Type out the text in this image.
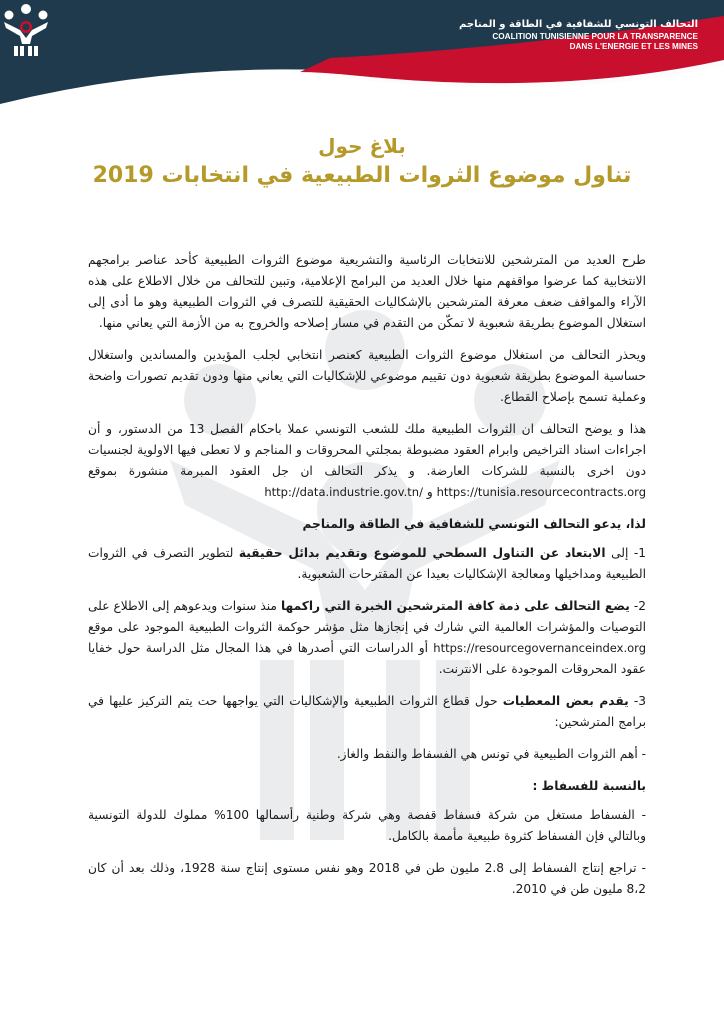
التحالف التونسي للشفافية في الطاقة و المناجم
COALITION TUNISIENNE POUR LA TRANSPARENCE
DANS L'ENERGIE ET LES MINES
بلاغ حول
تناول موضوع الثروات الطبيعية في انتخابات 2019

طرح العديد من المترشحين للانتخابات الرئاسية والتشريعية موضوع الثروات الطبيعية كأحد عناصر برامجهم الانتخابية كما عرضوا مواقفهم منها خلال العديد من البرامج الإعلامية، وتبين للتحالف من خلال الاطلاع على هذه الآراء والمواقف ضعف معرفة المترشحين بالإشكاليات الحقيقية للتصرف في الثروات الطبيعية وهو ما أدى إلى استغلال الموضوع بطريقة شعبوية لا تمكّن من التقدم في مسار إصلاحه والخروج به من الأزمة التي يعاني منها.

ويحذر التحالف من استغلال موضوع الثروات الطبيعية كعنصر انتخابي لجلب المؤيدين والمساندين واستغلال حساسية الموضوع بطريقة شعبوية دون تقييم موضوعي للإشكاليات التي يعاني منها ودون تقديم تصورات واضحة وعملية تسمح بإصلاح القطاع.

هذا و يوضح التحالف ان الثروات الطبيعية ملك للشعب التونسي عملا باحكام الفصل 13 من الدستور، و أن اجراءات اسناد التراخيص وابرام العقود مضبوطة بمجلتي المحروقات و المناجم و لا تعطى فيها الاولوية لجنسيات دون اخرى بالنسبة للشركات العارضة. و يذكر التحالف ان جل العقود المبرمة منشورة بموقع https://tunisia.resourcecontracts.org و http://data.industrie.gov.tn/

لذا، يدعو التحالف التونسي للشفافية في الطاقة والمناجم

1- إلى الابتعاد عن التناول السطحي للموضوع وتقديم بدائل حقيقية لتطوير التصرف في الثروات الطبيعية ومداخيلها ومعالجة الإشكاليات بعيدا عن المقترحات الشعبوية.

2- يضع التحالف على ذمة كافة المترشحين الخبرة التي راكمها منذ سنوات ويدعوهم إلى الاطلاع على التوصيات والمؤشرات العالمية التي شارك في إنجازها مثل مؤشر حوكمة الثروات الطبيعية الموجود على موقع https://resourcegovernanceindex.org أو الدراسات التي أصدرها في هذا المجال مثل الدراسة حول خفايا عقود المحروقات الموجودة على الانترنت.

3- يقدم بعض المعطيات حول قطاع الثروات الطبيعية والإشكاليات التي يواجهها حت يتم التركيز عليها في برامج المترشحين:

- أهم الثروات الطبيعية في تونس هي الفسفاط والنفط والغاز.

بالنسبة للفسفاط :

- الفسفاط مستغل من شركة فسفاط قفصة وهي شركة وطنية رأسمالها 100% مملوك للدولة التونسية وبالتالي فإن الفسفاط كثروة طبيعية مأممة بالكامل.

- تراجع إنتاج الفسفاط إلى 2.8 مليون طن في 2018 وهو نفس مستوى إنتاج سنة 1928، وذلك بعد أن كان 8،2 مليون طن في 2010.
